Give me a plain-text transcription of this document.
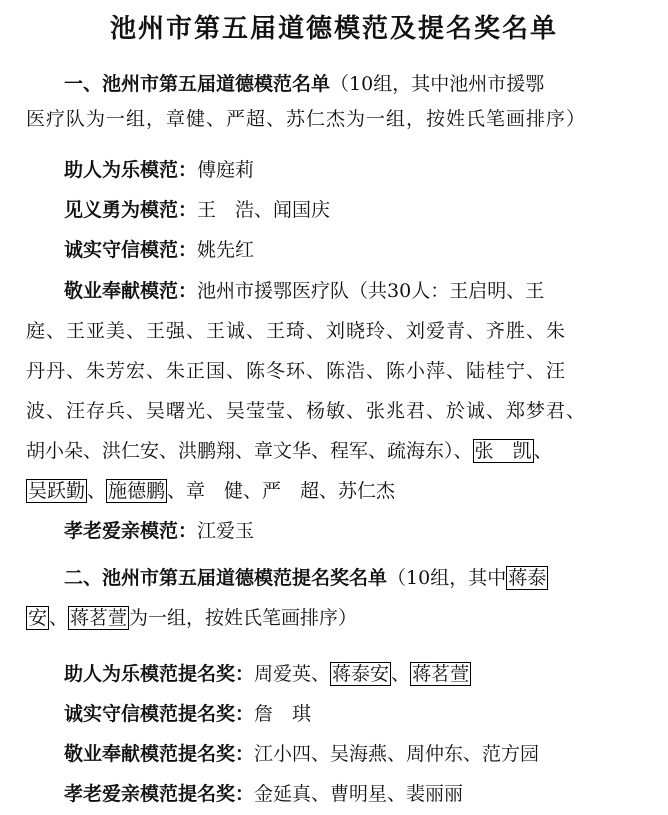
池州市第五届道德模范及提名奖名单
一、池州市第五届道德模范名单（10组，其中池州市援鄂
医疗队为一组，章健、严超、苏仁杰为一组，按姓氏笔画排序）
助人为乐模范：傅庭莉
见义勇为模范：王　浩、闻国庆
诚实守信模范：姚先红
敬业奉献模范：池州市援鄂医疗队（共30人：王启明、王
庭、王亚美、王强、王诚、王琦、刘晓玲、刘爱青、齐胜、朱
丹丹、朱芳宏、朱正国、陈冬环、陈浩、陈小萍、陆桂宁、汪
波、汪存兵、吴曙光、吴莹莹、杨敏、张兆君、於诚、郑梦君、
胡小朵、洪仁安、洪鹏翔、章文华、程军、疏海东）、 张　凯 、
吴跃勤 、 施德鹏 、章　健、严　超、苏仁杰
孝老爱亲模范：江爱玉
二、池州市第五届道德模范提名奖名单（10组，其中 蒋泰
安 、 蒋茗萱 为一组，按姓氏笔画排序）
助人为乐模范提名奖：周爱英、 蒋泰安 、 蒋茗萱
诚实守信模范提名奖：詹　琪
敬业奉献模范提名奖：江小四、吴海燕、周仲东、范方园
孝老爱亲模范提名奖：金延真、曹明星、裴丽丽
